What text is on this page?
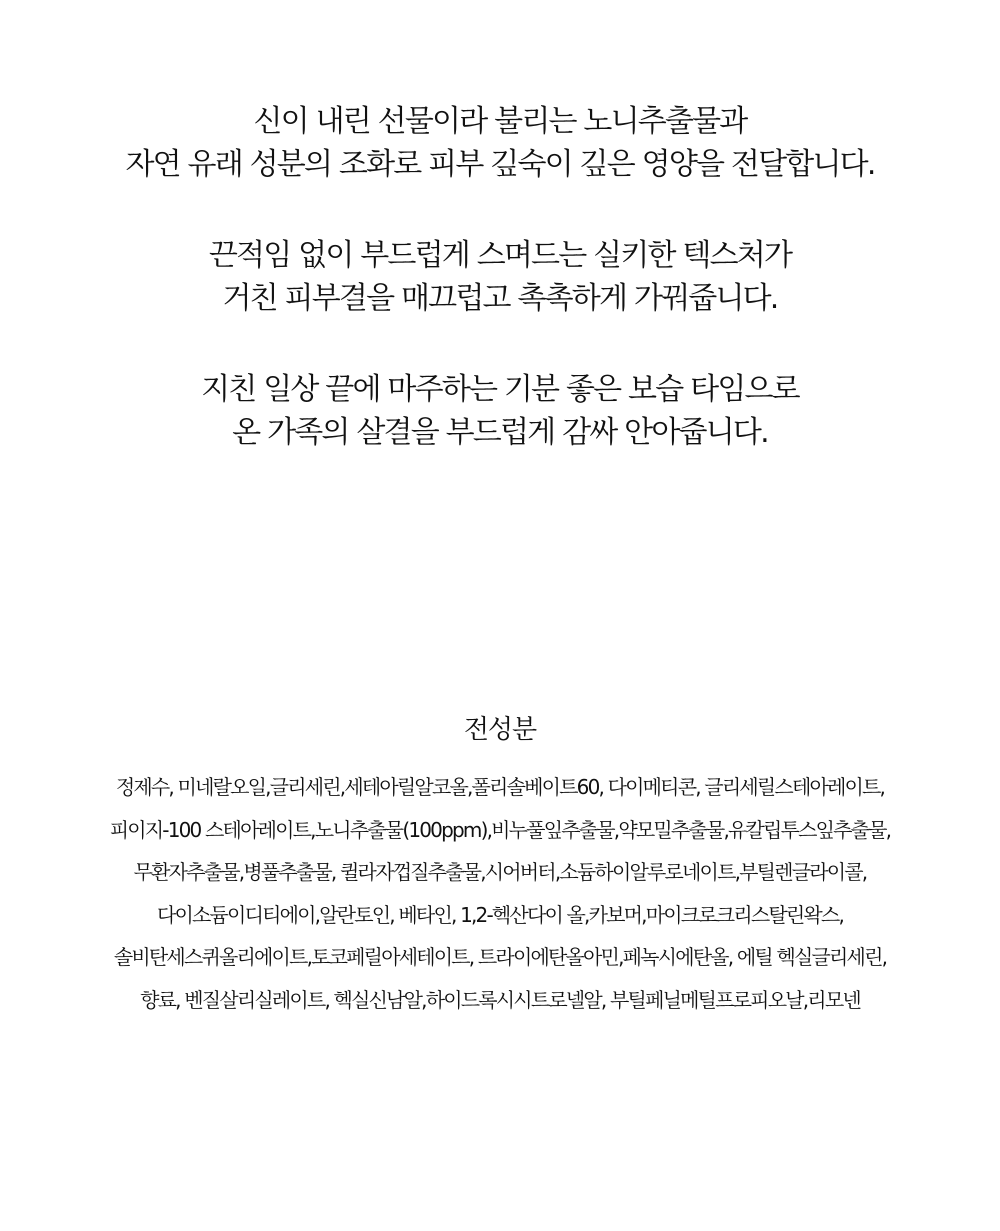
신이 내린 선물이라 불리는 노니추출물과
자연 유래 성분의 조화로 피부 깊숙이 깊은 영양을 전달합니다.

끈적임 없이 부드럽게 스며드는 실키한 텍스처가
거친 피부결을 매끄럽고 촉촉하게 가꿔줍니다.

지친 일상 끝에 마주하는 기분 좋은 보습 타임으로
온 가족의 살결을 부드럽게 감싸 안아줍니다.

전성분
정제수, 미네랄오일,글리세린,세테아릴알코올,폴리솔베이트60, 다이메티콘, 글리세릴스테아레이트,
피이지-100 스테아레이트,노니추출물(100ppm),비누풀잎추출물,약모밀추출물,유칼립투스잎추출물,
무환자추출물,병풀추출물, 퀼라자껍질추출물,시어버터,소듐하이알루로네이트,부틸렌글라이콜,
다이소듐이디티에이,알란토인, 베타인, 1,2-헥산다이 올,카보머,마이크로크리스탈린왁스,
솔비탄세스퀴올리에이트,토코페릴아세테이트, 트라이에탄올아민,페녹시에탄올, 에틸 헥실글리세린,
향료, 벤질살리실레이트, 헥실신남알,하이드록시시트로넬알, 부틸페닐메틸프로피오날,리모넨
